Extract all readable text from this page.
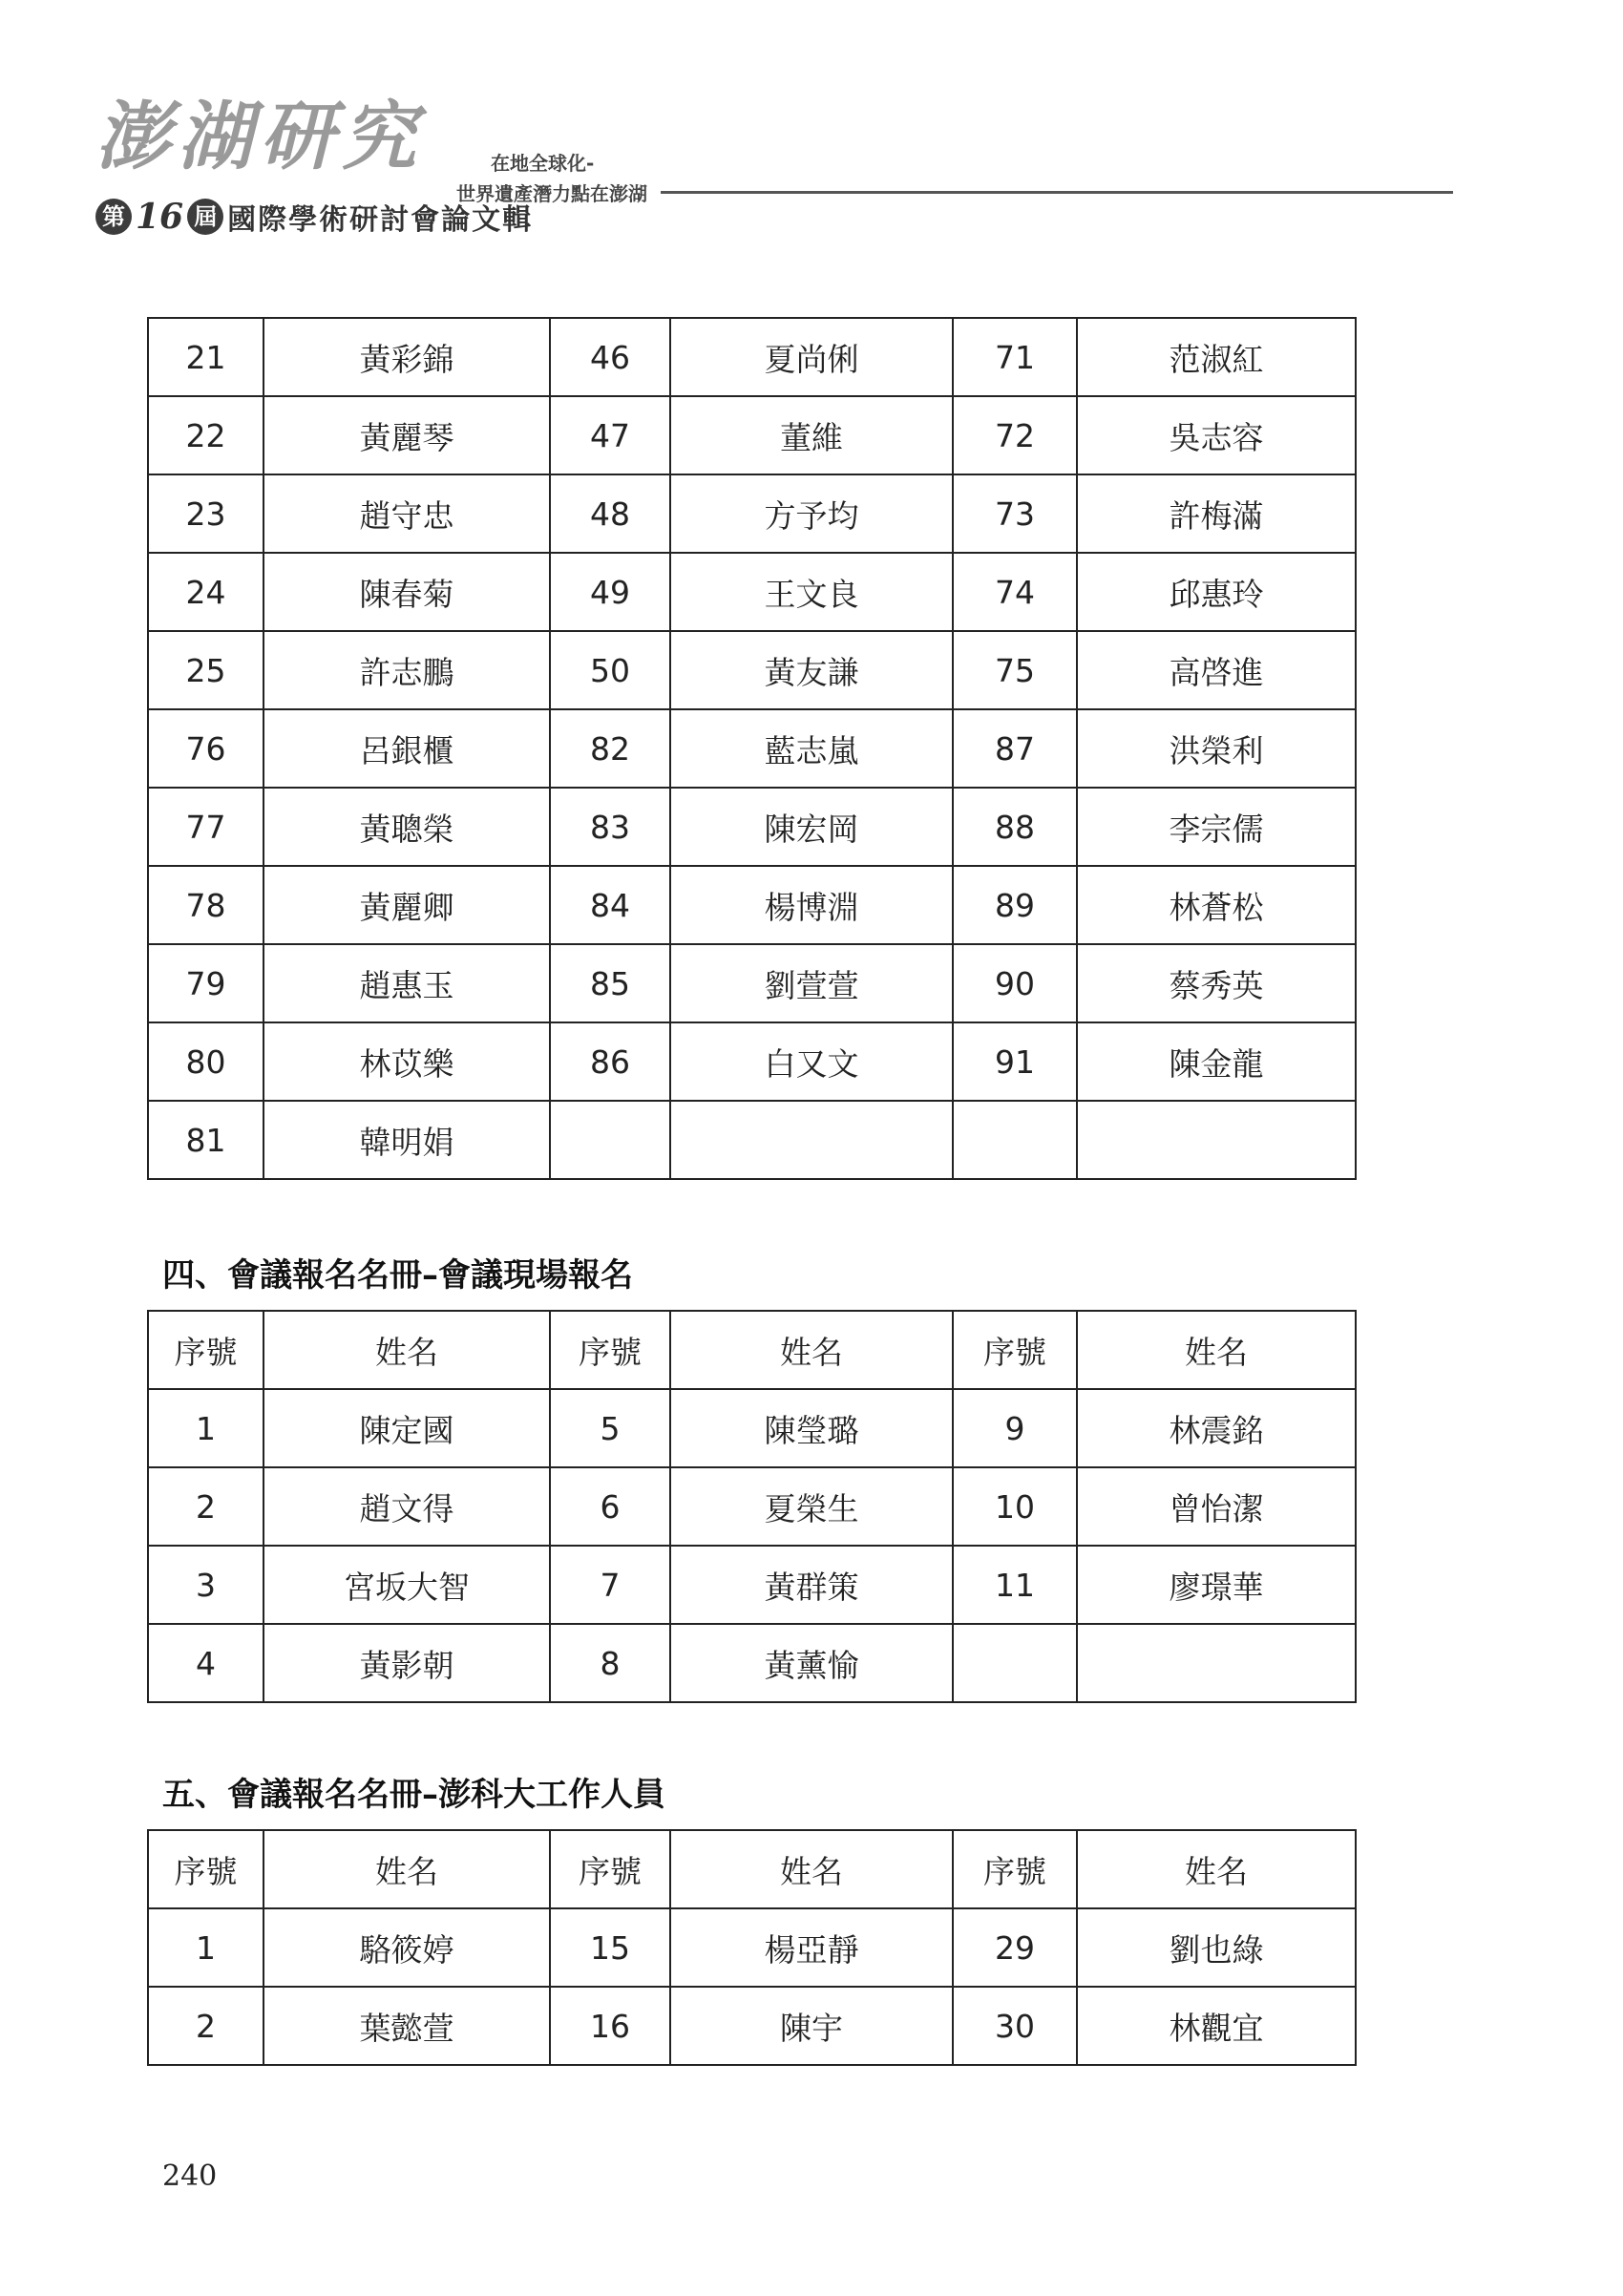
澎湖研究
第 16 屆 國際學術研討會論文輯
在地全球化-
世界遺產潛力點在澎湖
21	黃彩錦	46	夏尚俐	71	范淑紅
22	黃麗琴	47	董維	72	吳志容
23	趙守忠	48	方予均	73	許梅滿
24	陳春菊	49	王文良	74	邱惠玲
25	許志鵬	50	黃友謙	75	高啓進
76	呂銀櫃	82	藍志嵐	87	洪榮利
77	黃聰榮	83	陳宏岡	88	李宗儒
78	黃麗卿	84	楊博淵	89	林蒼松
79	趙惠玉	85	劉萱萱	90	蔡秀英
80	林苡樂	86	白又文	91	陳金龍
81	韓明娟				
四、會議報名名冊–會議現場報名
序號	姓名	序號	姓名	序號	姓名
1	陳定國	5	陳瑩璐	9	林震銘
2	趙文得	6	夏榮生	10	曾怡潔
3	宮坂大智	7	黃群策	11	廖璟華
4	黃影朝	8	黃薰愉		
五、會議報名名冊–澎科大工作人員
序號	姓名	序號	姓名	序號	姓名
1	駱筱婷	15	楊亞靜	29	劉也綠
2	葉懿萱	16	陳宇	30	林觀宜
240
